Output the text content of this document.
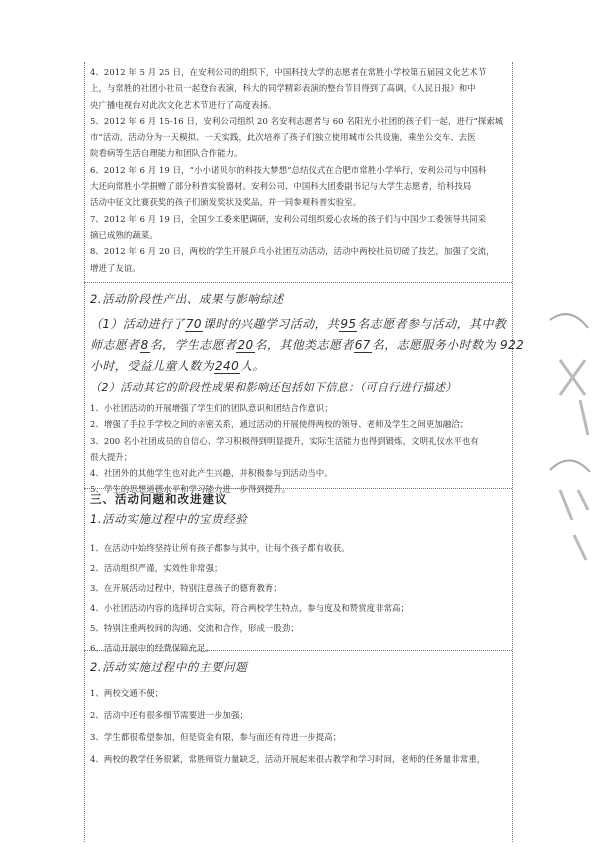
4、2012 年 5 月 25 日，在安利公司的组织下，中国科技大学的志愿者在常胜小学校第五届园文化艺术节
上，与常胜的社团小社员一起登台表演，科大的同学精彩表演的整台节目得到了高调，《人民日报》和中
央广播电视台对此次文化艺术节进行了高度表扬。
5、2012 年 6 月 15-16 日，安利公司组织 20 名安利志愿者与 60 名阳光小社团的孩子们一起，进行“探索城
市”活动，活动分为一天模拟、一天实践，此次培养了孩子们独立使用城市公共设施，乘坐公交车、去医
院看病等生活自理能力和团队合作能力。
6、2012 年 6 月 19 日，“小小诺贝尔的科技大梦想”总结仪式在合肥市常胜小学举行，安利公司与中国科
大还向常胜小学捐赠了部分科普实验器材。安利公司、中国科大团委副书记与大学生志愿者，给科技局
活动中征文比赛获奖的孩子们颁发奖状及奖品，并一同参观科普实验室。
7、2012 年 6 月 19 日，全国少工委来肥调研，安利公司组织爱心农场的孩子们与中国少工委领导共同采
摘已成熟的蔬菜。
8、2012 年 6 月 20 日，两校的学生开展乒乓小社团互动活动，活动中两校社员切磋了技艺，加强了交流，
增进了友谊。
2.活动阶段性产出、成果与影响综述
（1）活动进行了70课时的兴趣学习活动，共95名志愿者参与活动，其中教
师志愿者8名，学生志愿者20名，其他类志愿者67名，志愿服务小时数为 922
小时，受益儿童人数为240人。
（2）活动其它的阶段性成果和影响还包括如下信息：（可自行进行描述）
1、小社团活动的开展增强了学生们的团队意识和团结合作意识；
2、增强了手拉手学校之间的亲密关系，通过活动的开展使得两校的领导、老师及学生之间更加融洽；
3、200 名小社团成员的自信心、学习积极得到明显提升，实际生活能力也得到锻炼，文明礼仪水平也有
很大提升；
4、社团外的其他学生也对此产生兴趣，并积极参与到活动当中。
5、学生的思想道德水平和学习能力进一步得到提升。
三、活动问题和改进建议
1.活动实施过程中的宝贵经验
1、在活动中始终坚持让所有孩子都参与其中，让每个孩子都有收获。
2、活动组织严谨，实效性非常强；
3、在开展活动过程中，特别注意孩子的德育教育；
4、小社团活动内容的选择切合实际，符合两校学生特点，参与度及和赞赏度非常高；
5、特别注重两校间的沟通、交流和合作，形成一股劲；
6、活动开展中的经费保障充足。
2.活动实施过程中的主要问题
1、两校交通不便；
2、活动中还有很多细节需要进一步加强；
3、学生都很希望参加，但是资金有限，参与面还有待进一步提高；
4、两校的教学任务很紧，常胜师资力量缺乏，活动开展起来很占教学和学习时间，老师的任务量非常重，
